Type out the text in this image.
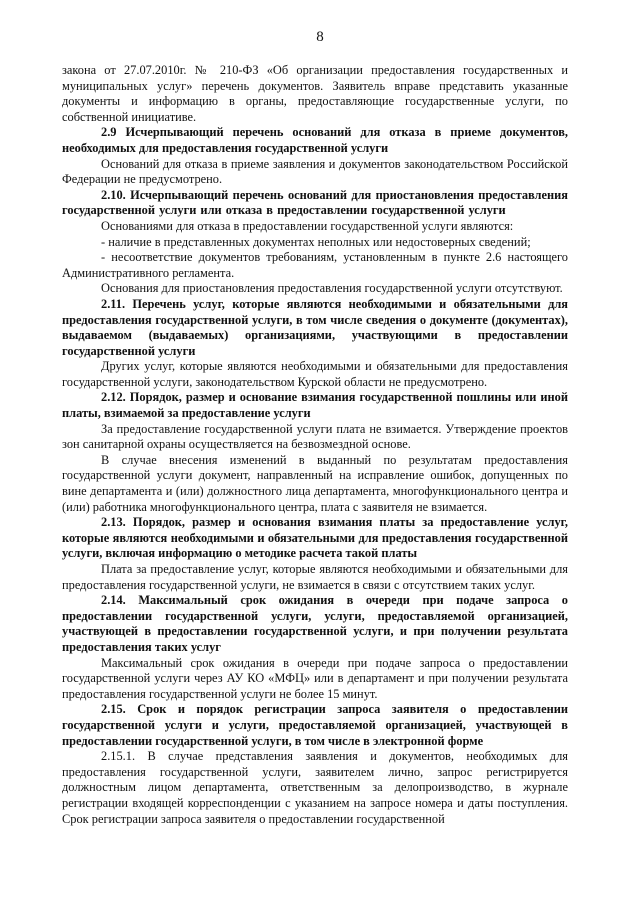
8

закона от 27.07.2010г. № 210-ФЗ «Об организации предоставления государственных и муниципальных услуг» перечень документов. Заявитель вправе представить указанные документы и информацию в органы, предоставляющие государственные услуги, по собственной инициативе.

2.9 Исчерпывающий перечень оснований для отказа в приеме документов, необходимых для предоставления государственной услуги

Оснований для отказа в приеме заявления и документов законодательством Российской Федерации не предусмотрено.

2.10. Исчерпывающий перечень оснований для приостановления предоставления государственной услуги или отказа в предоставлении государственной услуги

Основаниями для отказа в предоставлении государственной услуги являются:

- наличие в представленных документах неполных или недостоверных сведений;

- несоответствие документов требованиям, установленным в пункте 2.6 настоящего Административного регламента.

Основания для приостановления предоставления государственной услуги отсутствуют.

2.11. Перечень услуг, которые являются необходимыми и обязательными для предоставления государственной услуги, в том числе сведения о документе (документах), выдаваемом (выдаваемых) организациями, участвующими в предоставлении государственной услуги

Других услуг, которые являются необходимыми и обязательными для предоставления государственной услуги, законодательством Курской области не предусмотрено.

2.12. Порядок, размер и основание взимания государственной пошлины или иной платы, взимаемой за предоставление услуги

За предоставление государственной услуги плата не взимается. Утверждение проектов зон санитарной охраны осуществляется на безвозмездной основе.

В случае внесения изменений в выданный по результатам предоставления государственной услуги документ, направленный на исправление ошибок, допущенных по вине департамента и (или) должностного лица департамента, многофункционального центра и (или) работника многофункционального центра, плата с заявителя не взимается.

2.13. Порядок, размер и основания взимания платы за предоставление услуг, которые являются необходимыми и обязательными для предоставления государственной услуги, включая информацию о методике расчета такой платы

Плата за предоставление услуг, которые являются необходимыми и обязательными для предоставления государственной услуги, не взимается в связи с отсутствием таких услуг.

2.14. Максимальный срок ожидания в очереди при подаче запроса о предоставлении государственной услуги, услуги, предоставляемой организацией, участвующей в предоставлении государственной услуги, и при получении результата предоставления таких услуг

Максимальный срок ожидания в очереди при подаче запроса о предоставлении государственной услуги через АУ КО «МФЦ» или в департамент и при получении результата предоставления государственной услуги не более 15 минут.

2.15. Срок и порядок регистрации запроса заявителя о предоставлении государственной услуги и услуги, предоставляемой организацией, участвующей в предоставлении государственной услуги, в том числе в электронной форме

2.15.1. В случае представления заявления и документов, необходимых для предоставления государственной услуги, заявителем лично, запрос регистрируется должностным лицом департамента, ответственным за делопроизводство, в журнале регистрации входящей корреспонденции с указанием на запросе номера и даты поступления. Срок регистрации запроса заявителя о предоставлении государственной
